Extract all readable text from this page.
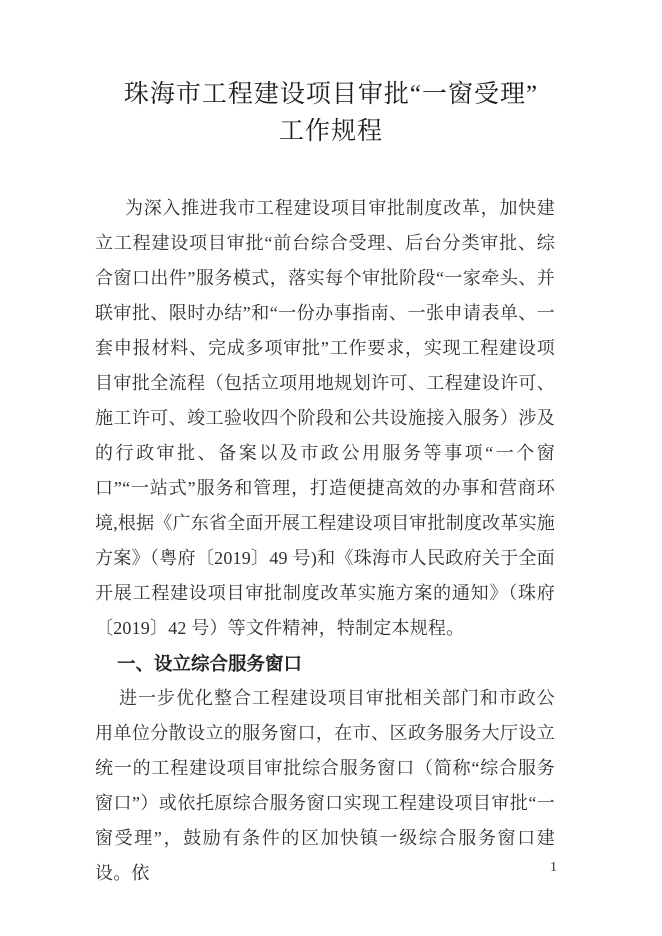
珠海市工程建设项目审批“一窗受理”
工作规程

为深入推进我市工程建设项目审批制度改革，加快建立工程建设项目审批“前台综合受理、后台分类审批、综合窗口出件”服务模式，落实每个审批阶段“一家牵头、并联审批、限时办结”和“一份办事指南、一张申请表单、一套申报材料、完成多项审批”工作要求，实现工程建设项目审批全流程（包括立项用地规划许可、工程建设许可、施工许可、竣工验收四个阶段和公共设施接入服务）涉及的行政审批、备案以及市政公用服务等事项“一个窗口”“一站式”服务和管理，打造便捷高效的办事和营商环境,根据《广东省全面开展工程建设项目审批制度改革实施方案》（粤府〔2019〕49 号)和《珠海市人民政府关于全面开展工程建设项目审批制度改革实施方案的通知》（珠府〔2019〕42 号）等文件精神，特制定本规程。

一、设立综合服务窗口

进一步优化整合工程建设项目审批相关部门和市政公用单位分散设立的服务窗口，在市、区政务服务大厅设立统一的工程建设项目审批综合服务窗口（简称“综合服务窗口”）或依托原综合服务窗口实现工程建设项目审批“一窗受理”，鼓励有条件的区加快镇一级综合服务窗口建设。依	1
